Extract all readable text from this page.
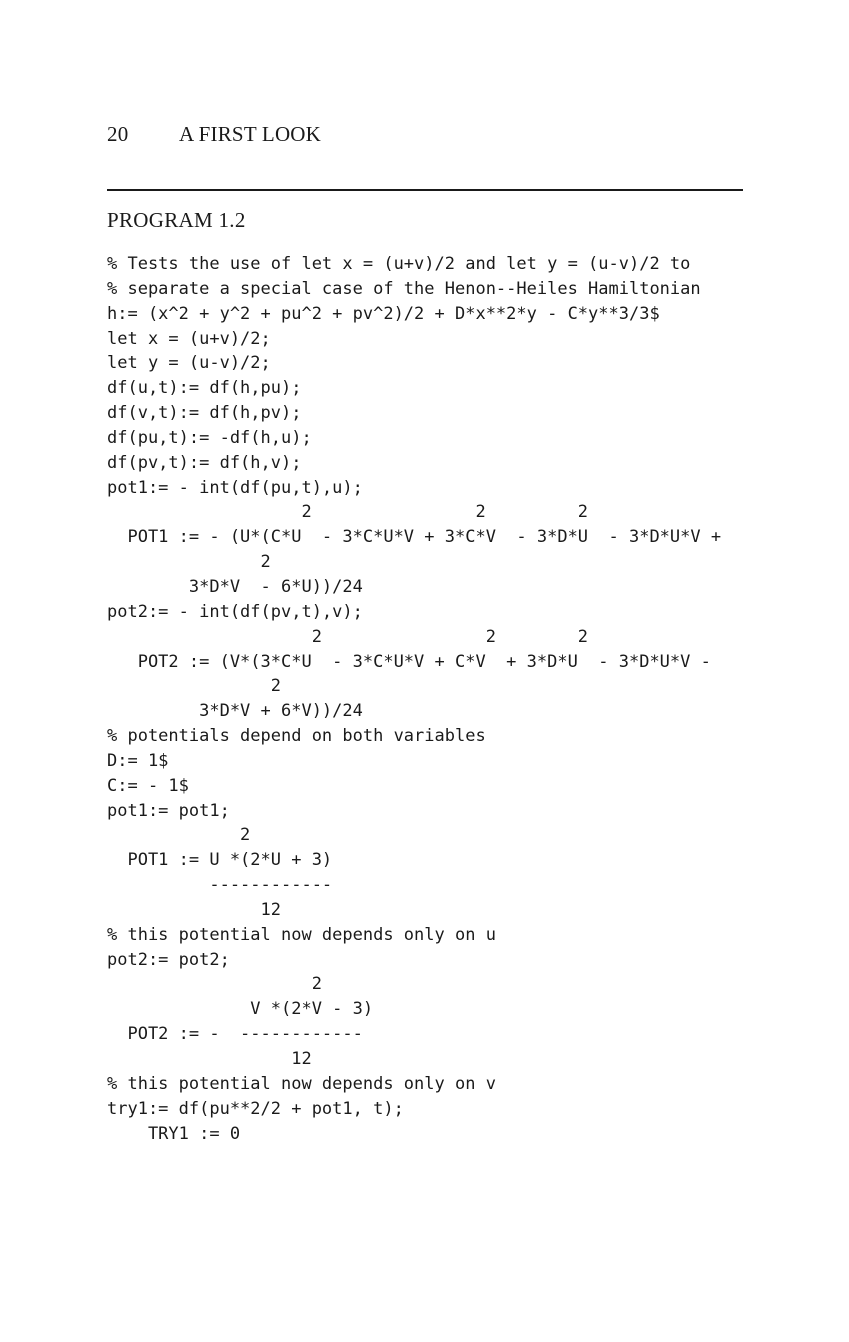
20 A FIRST LOOK
PROGRAM 1.2
% Tests the use of let x = (u+v)/2 and let y = (u-v)/2 to
% separate a special case of the Henon--Heiles Hamiltonian
h:= (x^2 + y^2 + pu^2 + pv^2)/2 + D*x**2*y - C*y**3/3$
let x = (u+v)/2;
let y = (u-v)/2;
df(u,t):= df(h,pu);
df(v,t):= df(h,pv);
df(pu,t):= -df(h,u);
df(pv,t):= df(h,v);
pot1:= - int(df(pu,t),u);
2                2         2
POT1 := - (U*(C*U  - 3*C*U*V + 3*C*V  - 3*D*U  - 3*D*U*V +
2
3*D*V  - 6*U))/24
pot2:= - int(df(pv,t),v);
2                2        2
POT2 := (V*(3*C*U  - 3*C*U*V + C*V  + 3*D*U  - 3*D*U*V -
2
3*D*V + 6*V))/24
% potentials depend on both variables
D:= 1$
C:= - 1$
pot1:= pot1;
2
POT1 := U *(2*U + 3)
------------
12
% this potential now depends only on u
pot2:= pot2;
2
V *(2*V - 3)
POT2 := -  ------------
12
% this potential now depends only on v
try1:= df(pu**2/2 + pot1, t);
TRY1 := 0
